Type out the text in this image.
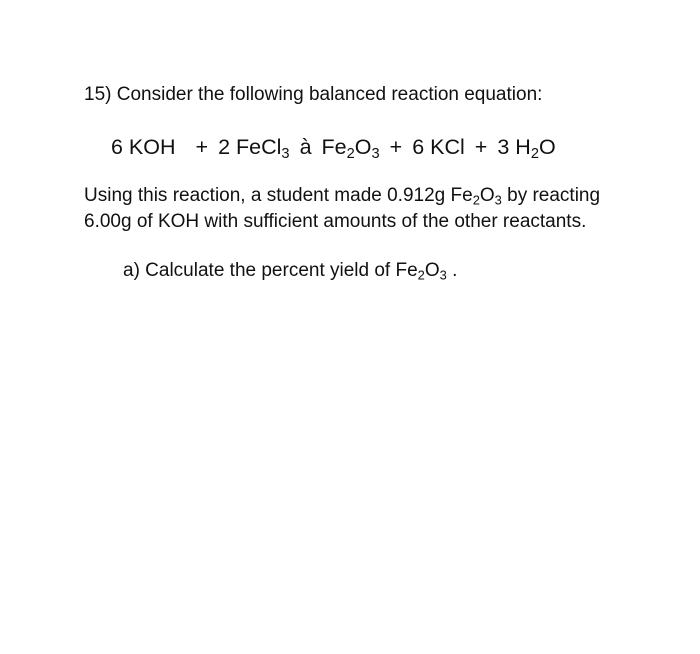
15) Consider the following balanced reaction equation:

6 KOH + 2 FeCl$_3$ à $Fe_2O_3 + 6$ KCl + 3 $H_2O$

Using this reaction, a student made 0.912g $Fe_2O_3$ by reacting

6.00g of KOH with sufficient amounts of the other reactants.

a) Calculate the percent yield of $Fe_2O_3$ .
